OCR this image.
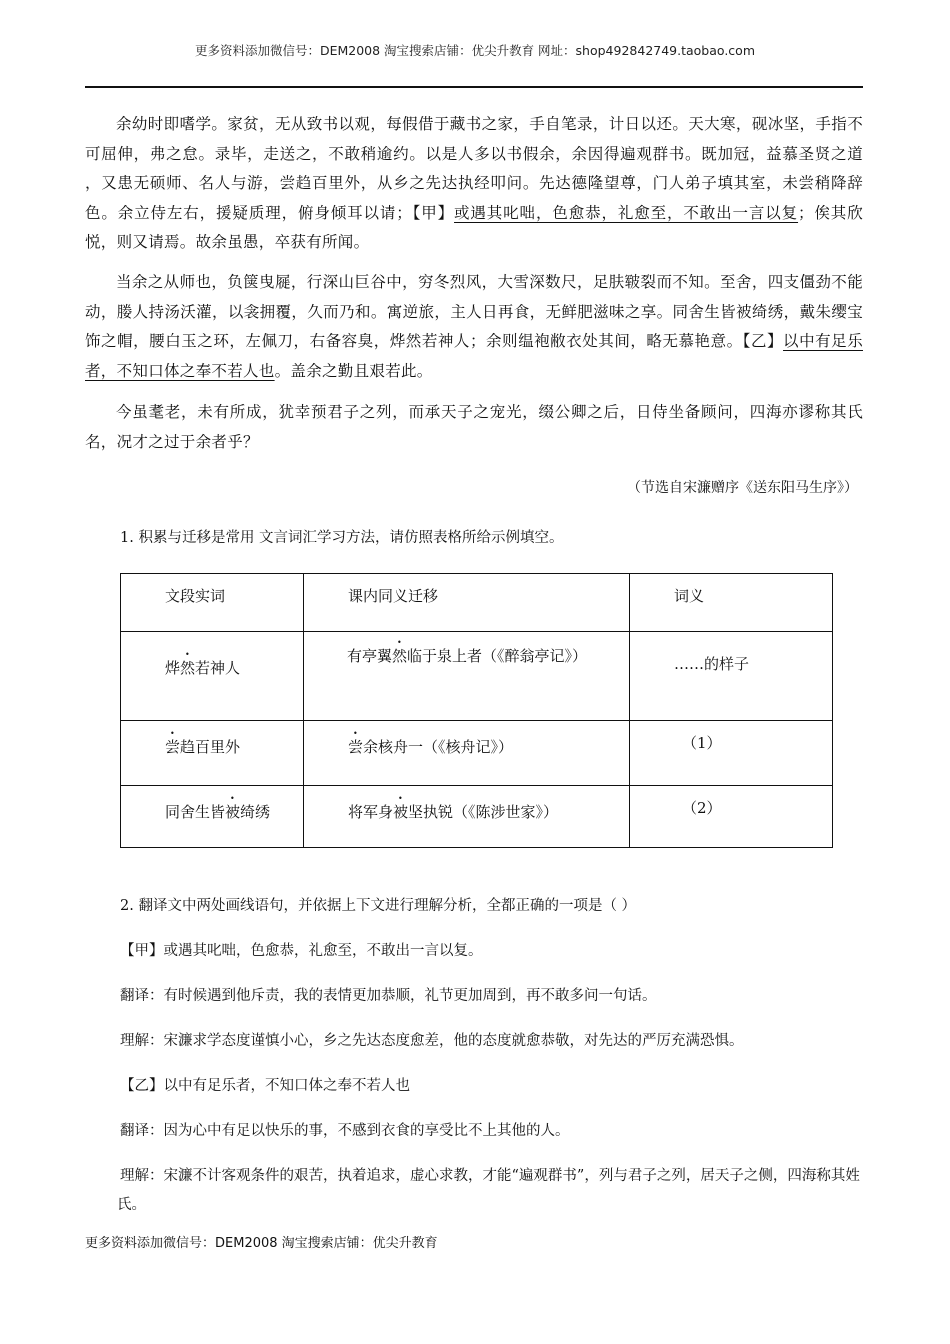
更多资料添加微信号：DEM2008 淘宝搜索店铺：优尖升教育 网址：shop492842749.taobao.com
余幼时即嗜学。家贫，无从致书以观，每假借于藏书之家，手自笔录，计日以还。天大寒，砚冰坚，手指不可屈伸，弗之怠。录毕，走送之，不敢稍逾约。以是人多以书假余，余因得遍观群书。既加冠，益慕圣贤之道 ，又患无硕师、名人与游，尝趋百里外，从乡之先达执经叩问。先达德隆望尊，门人弟子填其室，未尝稍降辞色。余立侍左右，援疑质理，俯身倾耳以请；【甲】或遇其叱咄，色愈恭，礼愈至，不敢出一言以复；俟其欣悦，则又请焉。故余虽愚，卒获有所闻。
当余之从师也，负箧曳屣，行深山巨谷中，穷冬烈风，大雪深数尺，足肤皲裂而不知。至舍，四支僵劲不能动，媵人持汤沃灌，以衾拥覆，久而乃和。寓逆旅，主人日再食，无鲜肥滋味之享。同舍生皆被绮绣，戴朱缨宝饰之帽，腰白玉之环，左佩刀，右备容臭，烨然若神人；余则缊袍敝衣处其间，略无慕艳意。【乙】以中有足乐者，不知口体之奉不若人也。盖余之勤且艰若此。
今虽耄老，未有所成，犹幸预君子之列，而承天子之宠光，缀公卿之后，日侍坐备顾问，四海亦谬称其氏名，况才之过于余者乎？
（节选自宋濂赠序《送东阳马生序》）
1. 积累与迁移是常用 文言词汇学习方法，请仿照表格所给示例填空。
文段实词	课内同义迁移	词义

烨然若神人	有亭翼然临于泉上者（《醉翁亭记》）	……的样子

尝趋百里外	尝余核舟一（《核舟记》）	（1）

同舍生皆被绮绣	将军身被坚执锐（《陈涉世家》）	（2）
2. 翻译文中两处画线语句，并依据上下文进行理解分析，全都正确的一项是（ ）
【甲】或遇其叱咄，色愈恭，礼愈至，不敢出一言以复。
翻译：有时候遇到他斥责，我的表情更加恭顺，礼节更加周到，再不敢多问一句话。
理解：宋濂求学态度谨慎小心，乡之先达态度愈差，他的态度就愈恭敬，对先达的严厉充满恐惧。
【乙】以中有足乐者，不知口体之奉不若人也
翻译：因为心中有足以快乐的事，不感到衣食的享受比不上其他的人。
理解：宋濂不计客观条件的艰苦，执着追求，虚心求教，才能“遍观群书”，列与君子之列，居天子之侧，四海称其姓氏。
更多资料添加微信号：DEM2008 淘宝搜索店铺：优尖升教育
